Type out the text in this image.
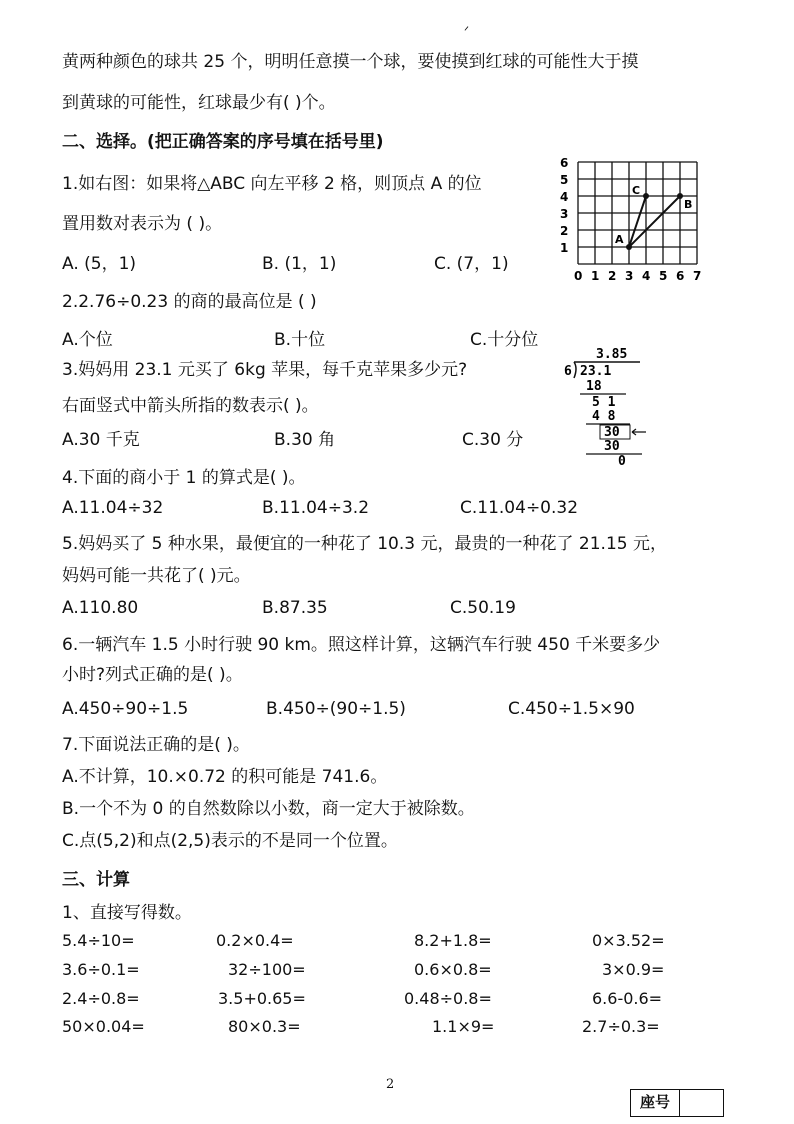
ᐟ
黄两种颜色的球共 25 个，明明任意摸一个球，要使摸到红球的可能性大于摸
到黄球的可能性，红球最少有( )个。
二、选择。(把正确答案的序号填在括号里)
1.如右图：如果将△ABC 向左平移 2 格，则顶点 A 的位
置用数对表示为 ( )。
A. (5，1)	B. (1，1)	C. (7，1)
0 1 2 3 4 5 6 7
1
2
3
4
5
6
A
B
C
2.2.76÷0.23 的商的最高位是 ( )
A.个位	B.十位	C.十分位
3.妈妈用 23.1 元买了 6kg 苹果，每千克苹果多少元?
右面竖式中箭头所指的数表示( )。
A.30 千克	B.30 角	C.30 分
3.85
6 23.1
18
5 1
4 8
30
30
0
4.下面的商小于 1 的算式是( )。
A.11.04÷32	B.11.04÷3.2	C.11.04÷0.32
5.妈妈买了 5 种水果，最便宜的一种花了 10.3 元，最贵的一种花了 21.15 元，
妈妈可能一共花了( )元。
A.110.80	B.87.35	C.50.19
6.一辆汽车 1.5 小时行驶 90 km。照这样计算，这辆汽车行驶 450 千米要多少
小时?列式正确的是( )。
A.450÷90÷1.5	B.450÷(90÷1.5)	C.450÷1.5×90
7.下面说法正确的是( )。
A.不计算，10.×0.72 的积可能是 741.6。
B.一个不为 0 的自然数除以小数，商一定大于被除数。
C.点(5,2)和点(2,5)表示的不是同一个位置。
三、计算
1、直接写得数。
5.4÷10=	0.2×0.4=	8.2+1.8=	0×3.52=
3.6÷0.1=	32÷100=	0.6×0.8=	3×0.9=
2.4÷0.8=	3.5+0.65=	0.48÷0.8=	6.6-0.6=
50×0.04=	80×0.3=	1.1×9=	2.7÷0.3=
2
座号
